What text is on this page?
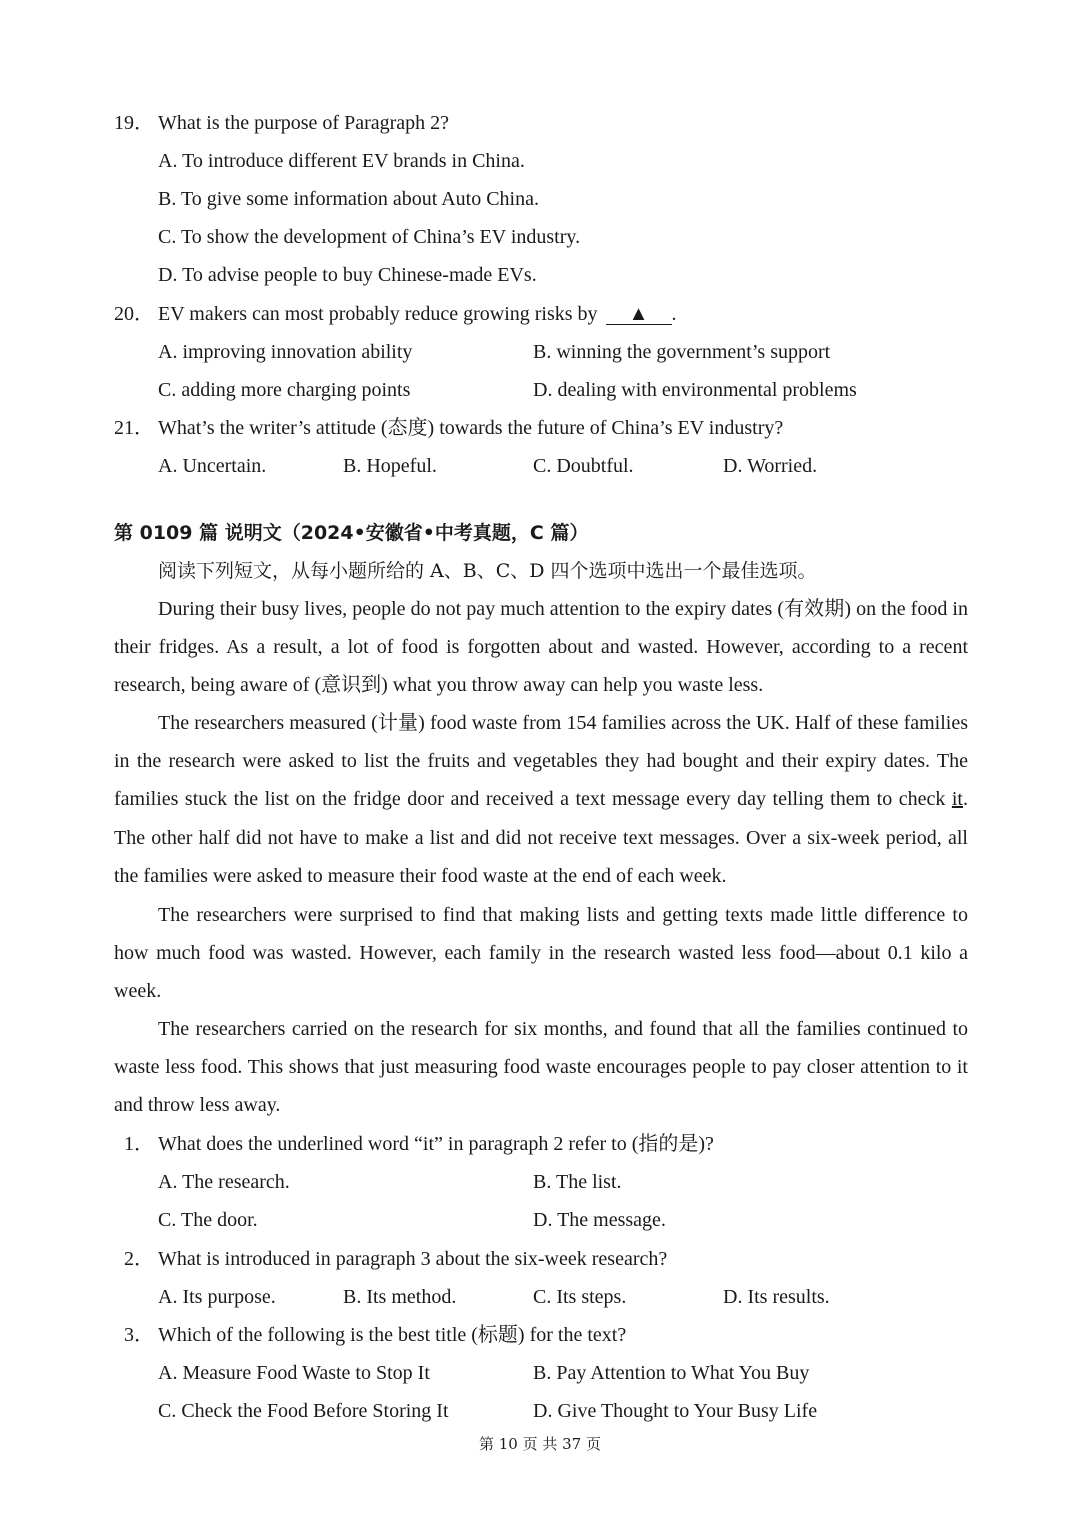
19． What is the purpose of Paragraph 2?
A. To introduce different EV brands in China.
B. To give some information about Auto China.
C. To show the development of China’s EV industry.
D. To advise people to buy Chinese-made EVs.
20． EV makers can most probably reduce growing risks by ▲ .
A. improving innovation ability	B. winning the government’s support
C. adding more charging points	D. dealing with environmental problems
21． What’s the writer’s attitude (态度) towards the future of China’s EV industry?
A. Uncertain.	B. Hopeful.	C. Doubtful.	D. Worried.
第 0109 篇 说明文（2024•安徽省•中考真题，C 篇）
阅读下列短文，从每小题所给的 A、B、C、D 四个选项中选出一个最佳选项。

During their busy lives, people do not pay much attention to the expiry dates (有效期) on the food in their fridges. As a result, a lot of food is forgotten about and wasted. However, according to a recent research, being aware of (意识到) what you throw away can help you waste less.

The researchers measured (计量) food waste from 154 families across the UK. Half of these families in the research were asked to list the fruits and vegetables they had bought and their expiry dates. The families stuck the list on the fridge door and received a text message every day telling them to check it. The other half did not have to make a list and did not receive text messages. Over a six-week period, all the families were asked to measure their food waste at the end of each week.

The researchers were surprised to find that making lists and getting texts made little difference to how much food was wasted. However, each family in the research wasted less food—about 0.1 kilo a week.

The researchers carried on the research for six months, and found that all the families continued to waste less food. This shows that just measuring food waste encourages people to pay closer attention to it and throw less away.

1． What does the underlined word “it” in paragraph 2 refer to (指的是)?
A. The research.	B. The list.
C. The door.	D. The message.
2． What is introduced in paragraph 3 about the six-week research?
A. Its purpose.	B. Its method.	C. Its steps.	D. Its results.
3． Which of the following is the best title (标题) for the text?
A. Measure Food Waste to Stop It	B. Pay Attention to What You Buy
C. Check the Food Before Storing It	D. Give Thought to Your Busy Life
第 10 页 共 37 页
